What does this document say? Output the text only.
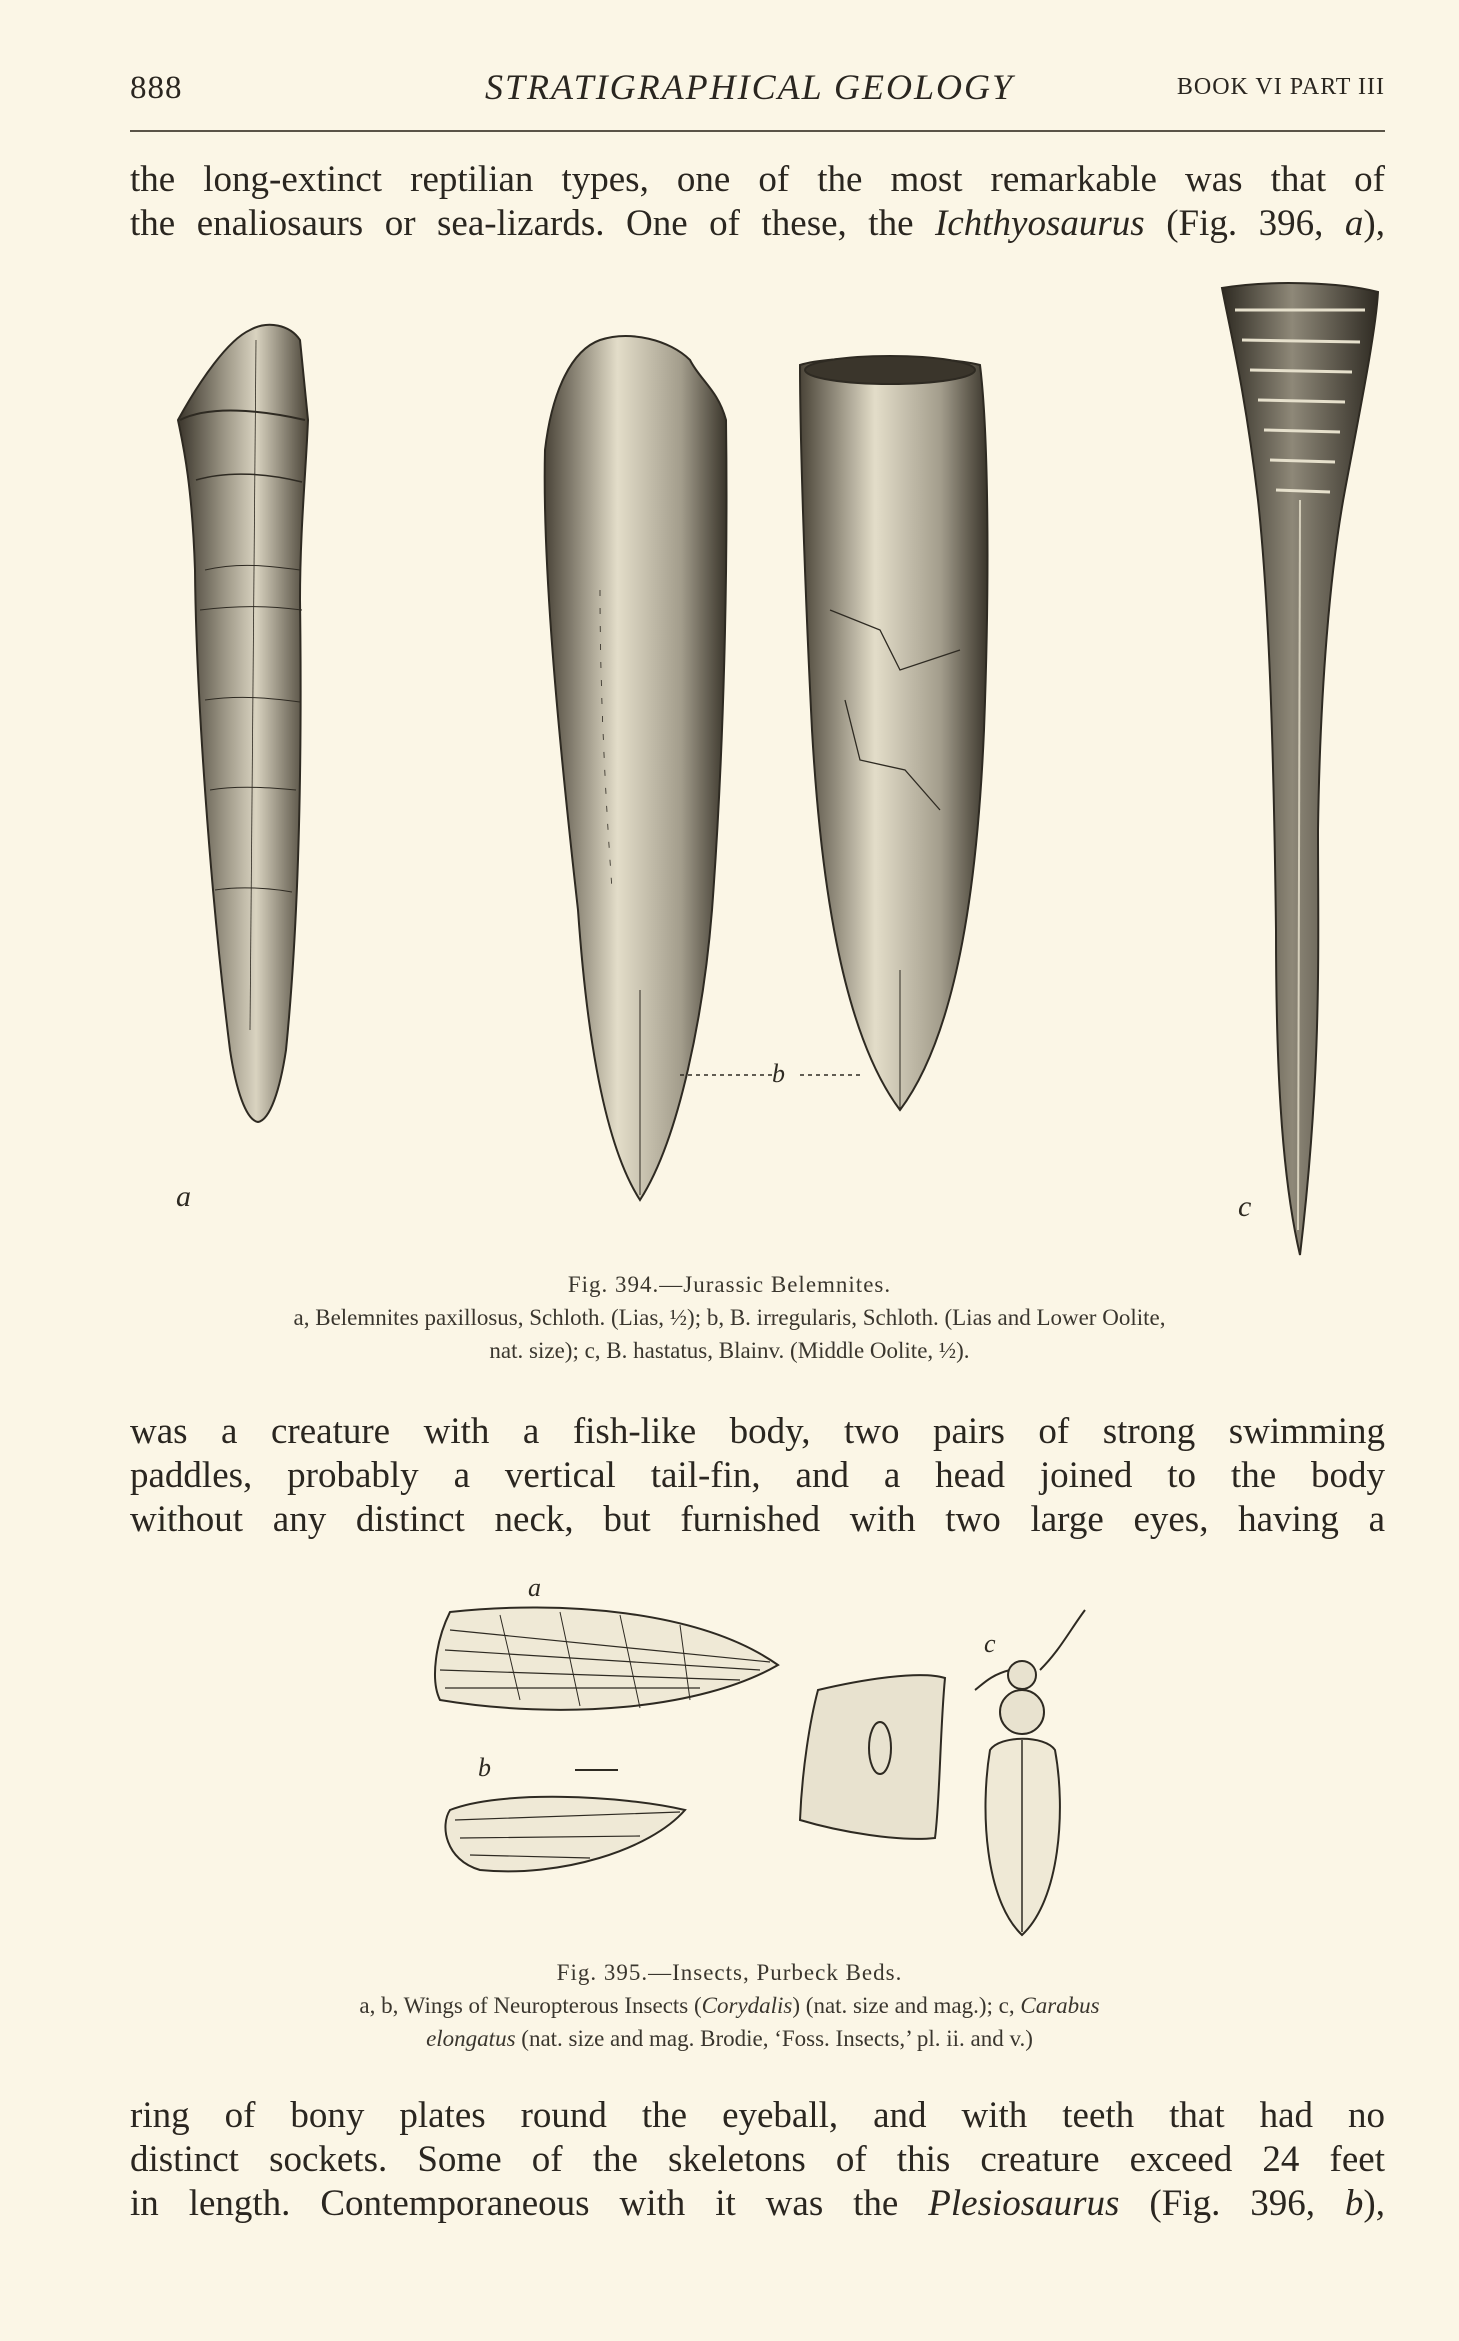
888	STRATIGRAPHICAL GEOLOGY	BOOK VI PART III
the long-extinct reptilian types, one of the most remarkable was that of
the enaliosaurs or sea-lizards. One of these, the Ichthyosaurus (Fig. 396, a),
a
b
c
Fig. 394.—Jurassic Belemnites.
a, Belemnites paxillosus, Schloth. (Lias, ½); b, B. irregularis, Schloth. (Lias and Lower Oolite,
nat. size); c, B. hastatus, Blainv. (Middle Oolite, ½).
was a creature with a fish-like body, two pairs of strong swimming
paddles, probably a vertical tail-fin, and a head joined to the body
without any distinct neck, but furnished with two large eyes, having a
a
b
c
Fig. 395.—Insects, Purbeck Beds.
a, b, Wings of Neuropterous Insects (Corydalis) (nat. size and mag.); c, Carabus
elongatus (nat. size and mag. Brodie, ‘Foss. Insects,’ pl. ii. and v.)
ring of bony plates round the eyeball, and with teeth that had no
distinct sockets. Some of the skeletons of this creature exceed 24 feet
in length. Contemporaneous with it was the Plesiosaurus (Fig. 396, b),
